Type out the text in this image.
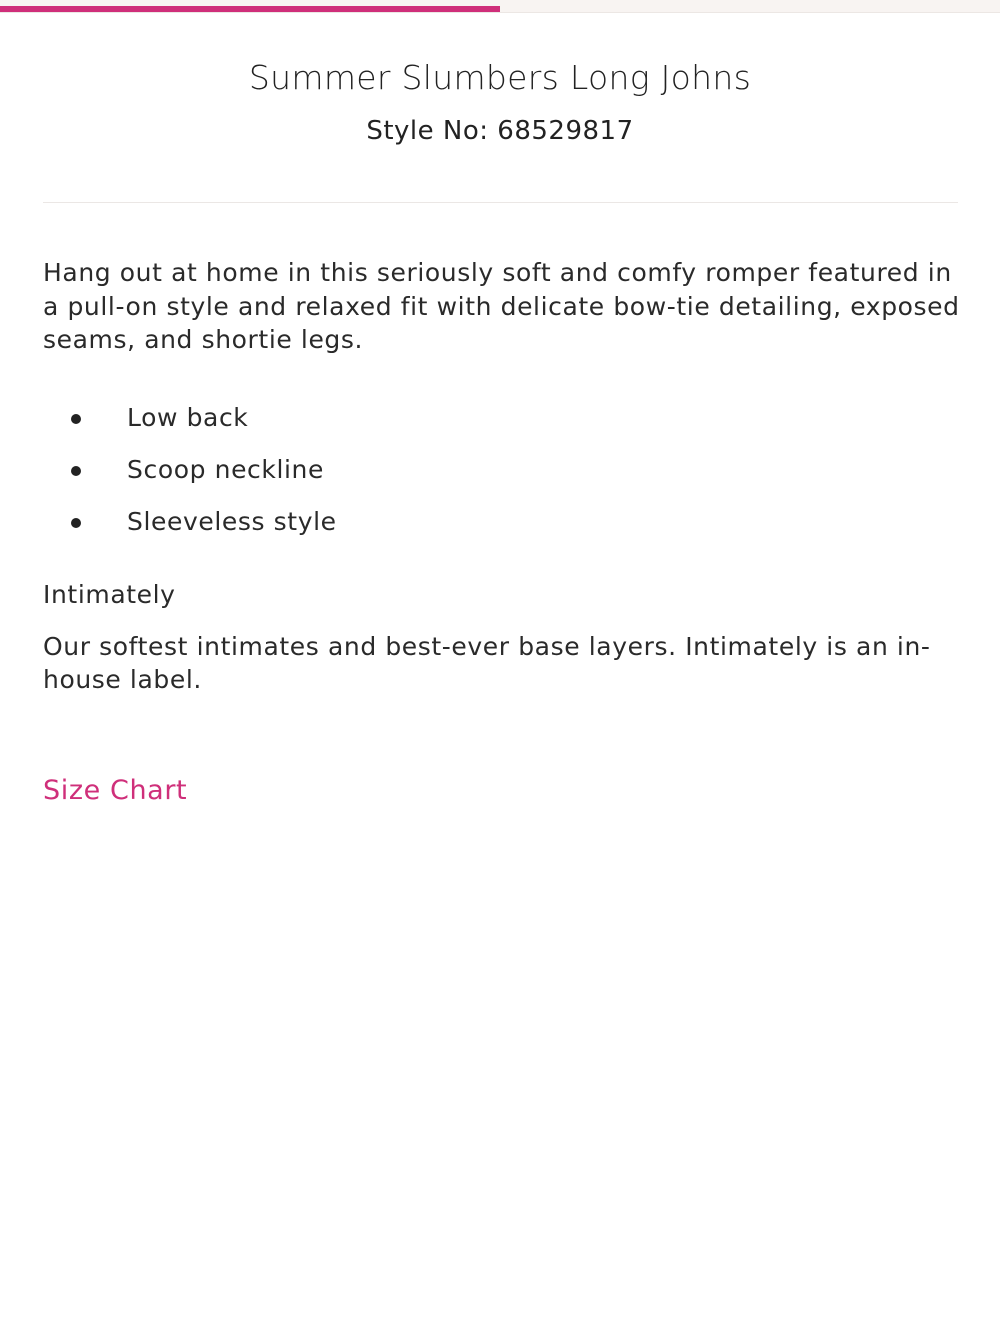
Summer Slumbers Long Johns
Style No: 68529817

Hang out at home in this seriously soft and comfy romper featured in a pull-on style and relaxed fit with delicate bow-tie detailing, exposed seams, and shortie legs.

Low back
Scoop neckline
Sleeveless style

Intimately

Our softest intimates and best-ever base layers. Intimately is an in-house label.

Size Chart
